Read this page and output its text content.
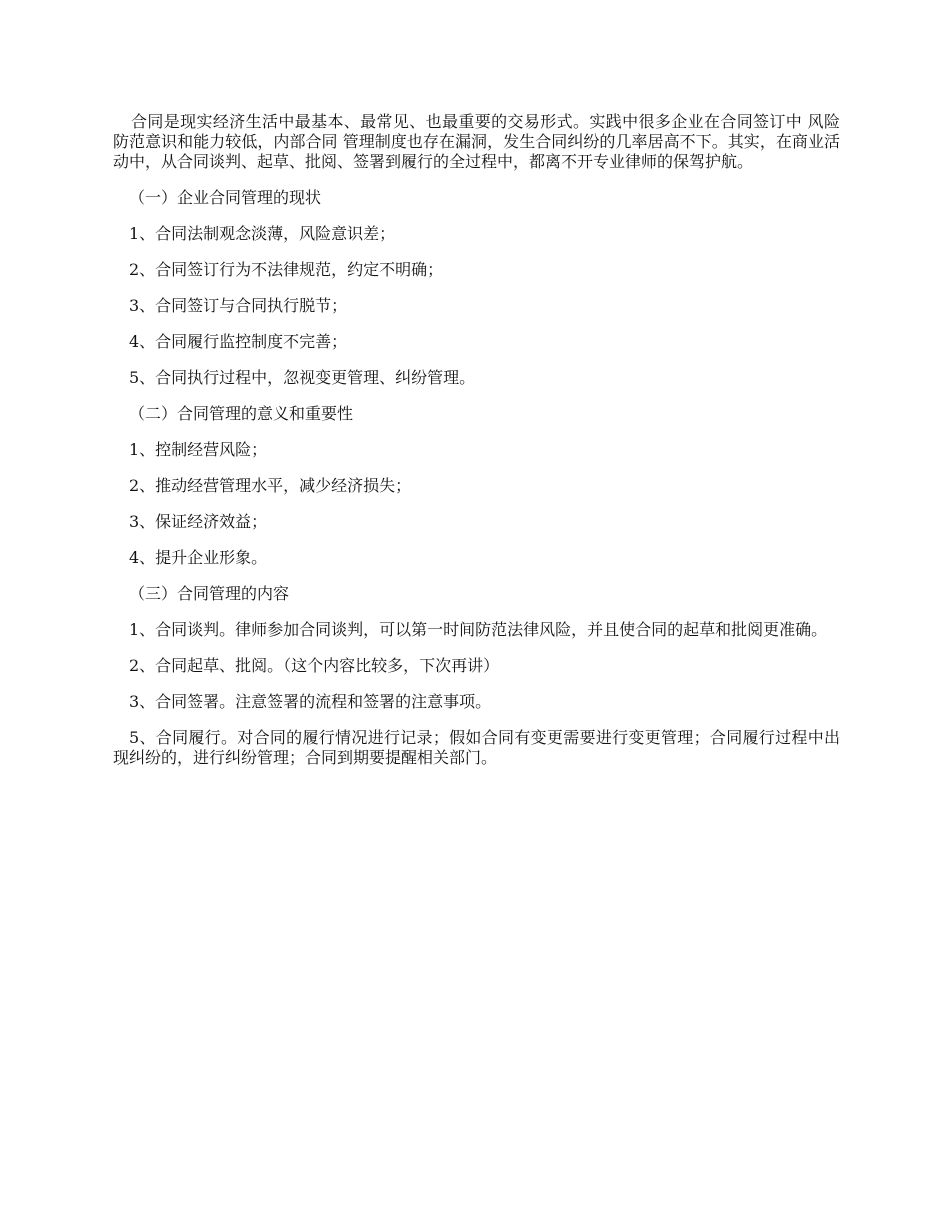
合同是现实经济生活中最基本、最常见、也最重要的交易形式。实践中很多企业在合同签订中 风险防范意识和能力较低，内部合同 管理制度也存在漏洞，发生合同纠纷的几率居高不下。其实，在商业活动中，从合同谈判、起草、批阅、签署到履行的全过程中，都离不开专业律师的保驾护航。

（一）企业合同管理的现状

1、合同法制观念淡薄，风险意识差；

2、合同签订行为不法律规范，约定不明确；

3、合同签订与合同执行脱节；

4、合同履行监控制度不完善；

5、合同执行过程中，忽视变更管理、纠纷管理。

（二）合同管理的意义和重要性

1、控制经营风险；

2、推动经营管理水平，减少经济损失；

3、保证经济效益；

4、提升企业形象。

（三）合同管理的内容

1、合同谈判。律师参加合同谈判，可以第一时间防范法律风险，并且使合同的起草和批阅更准确。

2、合同起草、批阅。（这个内容比较多，下次再讲）

3、合同签署。注意签署的流程和签署的注意事项。

5、合同履行。对合同的履行情况进行记录；假如合同有变更需要进行变更管理；合同履行过程中出现纠纷的，进行纠纷管理；合同到期要提醒相关部门。
